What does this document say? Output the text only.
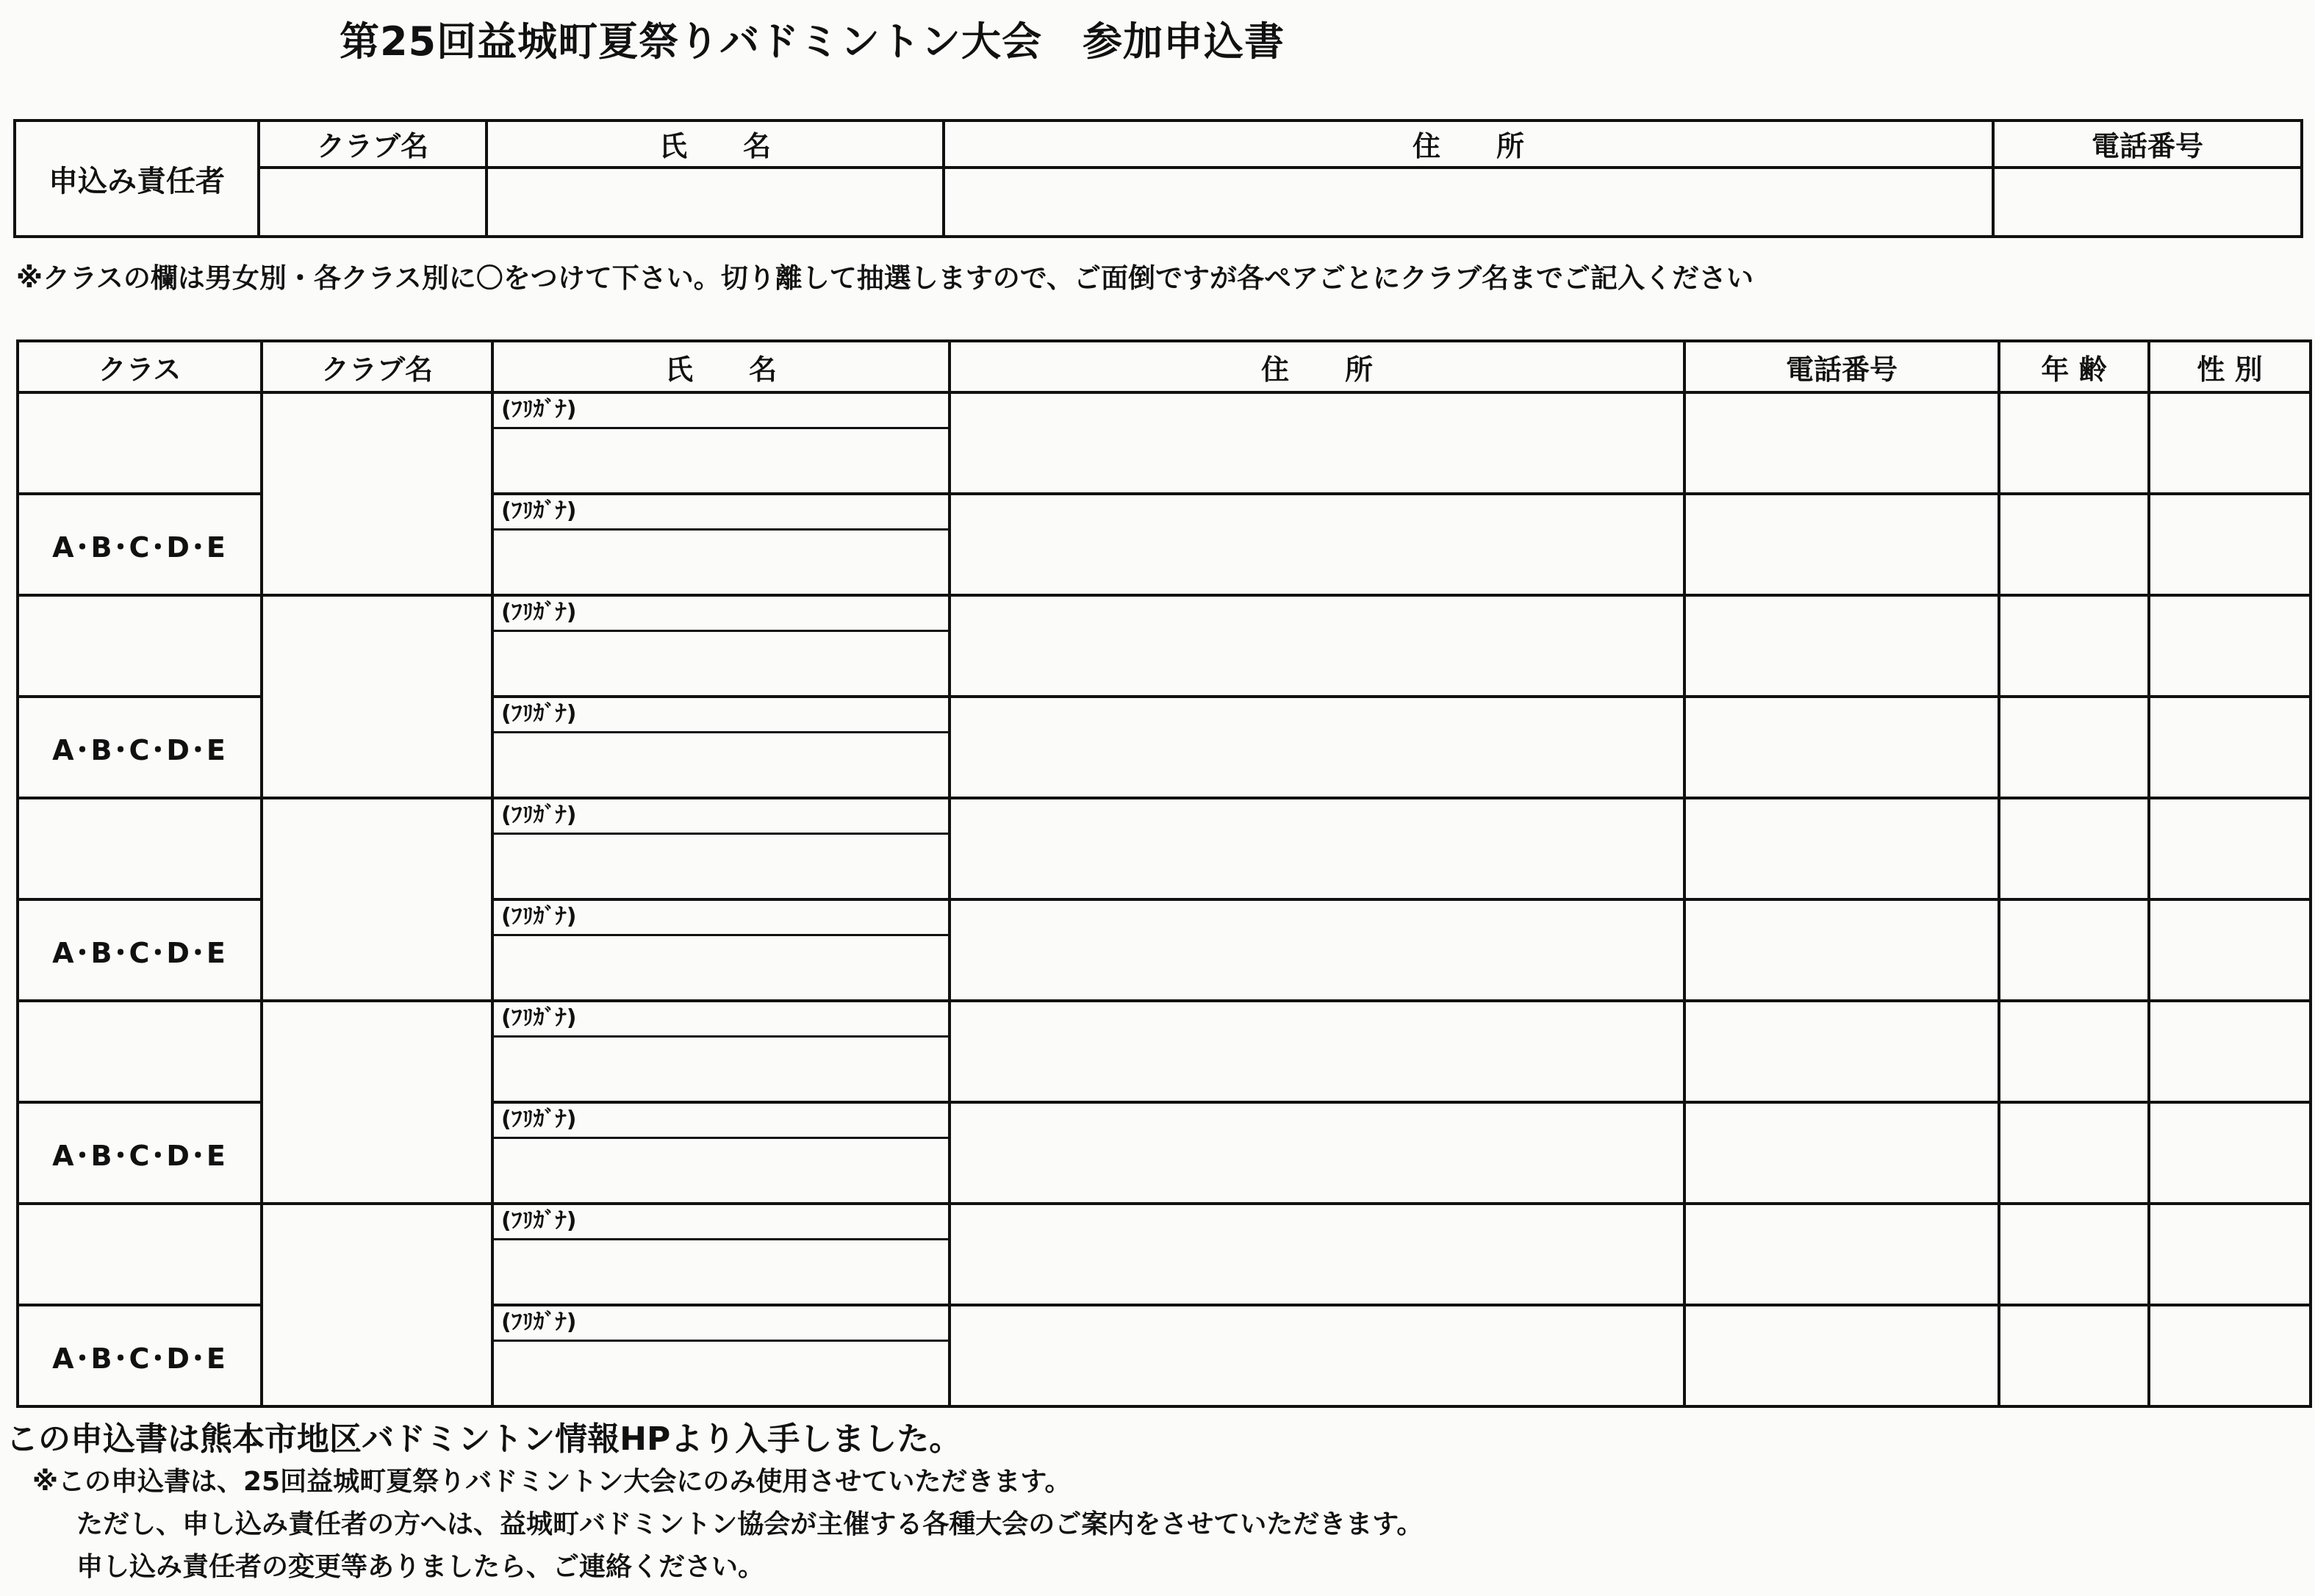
第25回益城町夏祭りバドミントン大会　参加申込書
申込み責任者	クラブ名	氏　　名	住　　所	電話番号

※クラスの欄は男女別・各クラス別に〇をつけて下さい。切り離して抽選しますので、ご面倒ですが各ペアごとにクラブ名までご記入ください
クラス	クラブ名	氏　　名	住　　所	電話番号	年 齢	性 別

		(ﾌﾘｶﾞﾅ)				

A･B･C･D･E		(ﾌﾘｶﾞﾅ)				

		(ﾌﾘｶﾞﾅ)				

A･B･C･D･E		(ﾌﾘｶﾞﾅ)				

		(ﾌﾘｶﾞﾅ)				

A･B･C･D･E		(ﾌﾘｶﾞﾅ)				

		(ﾌﾘｶﾞﾅ)				

A･B･C･D･E		(ﾌﾘｶﾞﾅ)				

		(ﾌﾘｶﾞﾅ)				

A･B･C･D･E		(ﾌﾘｶﾞﾅ)				

この申込書は熊本市地区バドミントン情報HPより入手しました。
※この申込書は、25回益城町夏祭りバドミントン大会にのみ使用させていただきます。
ただし、申し込み責任者の方へは、益城町バドミントン協会が主催する各種大会のご案内をさせていただきます。
申し込み責任者の変更等ありましたら、ご連絡ください。
